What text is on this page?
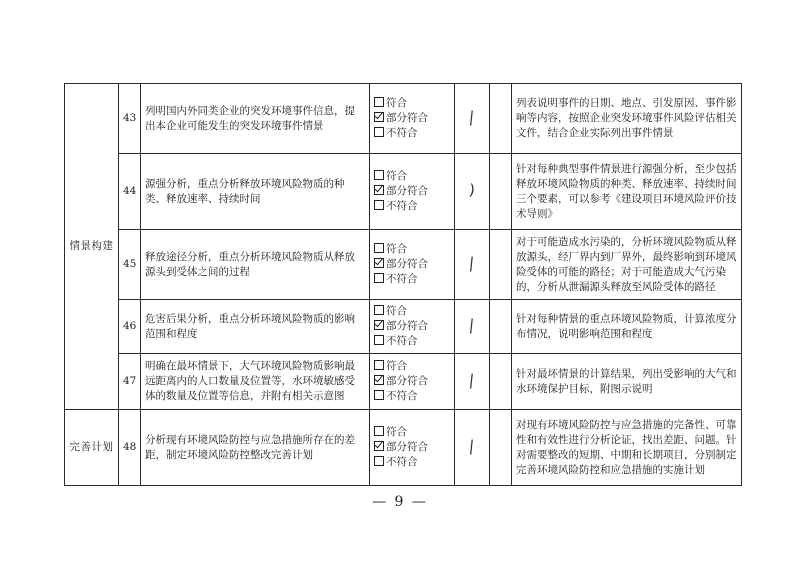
情景构建	43	列明国内外同类企业的突发环境事件信息，提出本企业可能发生的突发环境事件情景	符合
部分符合
不符合	|		列表说明事件的日期、地点、引发原因、事件影响等内容，按照企业突发环境事件风险评估相关文件，结合企业实际列出事件情景
	44	源强分析，重点分析释放环境风险物质的种类、释放速率、持续时间	符合
部分符合
不符合	)		针对每种典型事件情景进行源强分析，至少包括释放环境风险物质的种类、释放速率、持续时间三个要素，可以参考《建设项目环境风险评价技术导则》
	45	释放途径分析，重点分析环境风险物质从释放源头到受体之间的过程	符合
部分符合
不符合	|		对于可能造成水污染的，分析环境风险物质从释放源头，经厂界内到厂界外，最终影响到环境风险受体的可能的路径；对于可能造成大气污染的，分析从泄漏源头释放至风险受体的路径
	46	危害后果分析，重点分析环境风险物质的影响范围和程度	符合
部分符合
不符合	|		针对每种情景的重点环境风险物质，计算浓度分布情况，说明影响范围和程度
	47	明确在最坏情景下，大气环境风险物质影响最远距离内的人口数量及位置等，水环境敏感受体的数量及位置等信息，并附有相关示意图	符合
部分符合
不符合	|		针对最坏情景的计算结果，列出受影响的大气和水环境保护目标，附图示说明
完善计划	48	分析现有环境风险防控与应急措施所存在的差距，制定环境风险防控整改完善计划	符合
部分符合
不符合	|		对现有环境风险防控与应急措施的完备性、可靠性和有效性进行分析论证，找出差距、问题。针对需要整改的短期、中期和长期项目，分别制定完善环境风险防控和应急措施的实施计划
— 9 —
